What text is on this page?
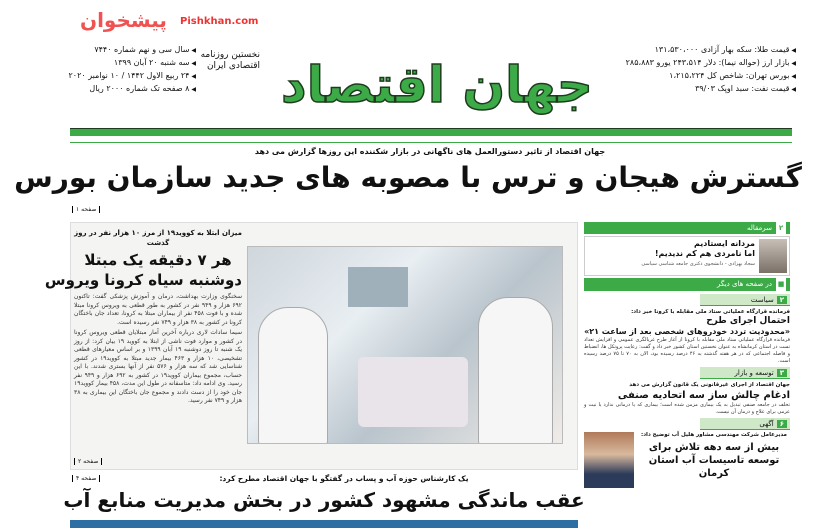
◀ قیمت طلا: سکه بهار آزادی ۱۳۱،۵۳۰،۰۰۰
◀ بازار ارز (حواله نیما): دلار ۲۴۳،۵۱۴ یورو ۲۸۵،۸۸۳
◀ بورس تهران: شاخص کل ۱،۲۱۵،۲۲۴
◀ قیمت نفت: سبد اوپک ۳۹/۰۳
◀ سال سی و نهم شماره ۷۴۴۰
◀ سه شنبه ۲۰ آبان ۱۳۹۹
◀ ۲۴ ربیع الاول ۱۴۴۲ / ۱۰ نوامبر ۲۰۲۰
◀ ۸ صفحه تک شماره ۲۰۰۰ ریال
پیشخوان Pishkhan.com
جهان اقتصاد
نخستین روزنامه اقتصادی ایران
جهان اقتصاد از تاثیر دستورالعمل های ناگهانی در بازار شکننده این روزها گزارش می دهد
گسترش هیجان و ترس با مصوبه های جدید سازمان بورس
صفحه ۱
میزان ابتلا به کووید۱۹ از مرز ۱۰ هزار نفر در روز گذشت
هر ۷ دقیقه یک مبتلا
دوشنبه سیاه کرونا ویروس

سخنگوی وزارت بهداشت، درمان و آموزش پزشکی گفت: تاکنون ۶۹۲ هزار و ۹۴۹ نفر در کشور به طور قطعی به ویروس کرونا مبتلا شده و با فوت ۴۵۸ نفر از بیماران مبتلا به کرونا، تعداد جان باختگان کرونا در کشور به ۳۸ هزار و ۷۴۹ نفر رسیده است.

سیما سادات لاری درباره آخرین آمار مبتلایان قطعی ویروس کرونا در کشور و موارد فوت ناشی از ابتلا به کووید ۱۹ بیان کرد: از روز یک شنبه تا روز دوشنبه ۱۹ آبان ۱۳۹۹ و بر اساس معیارهای قطعی تشخیصی، ۱۰ هزار و ۴۶۳ بیمار جدید مبتلا به کووید۱۹ در کشور شناسایی شد که سه هزار و ۵۷۶ نفر از آنها بستری شدند. با این حساب، مجموع بیماران کووید۱۹ در کشور به ۶۹۲ هزار و ۹۴۹ نفر رسید. وی ادامه داد: متاسفانه در طول این مدت، ۴۵۸ بیمار کووید۱۹ جان خود را از دست دادند و مجموع جان باختگان این بیماری به ۳۸ هزار و ۷۴۹ نفر رسید.

صفحه ۲
۲
سرمقاله
مردانه ایستادیم
اما نامردی هم کم ندیدیم!
سجاد بهزادی - دانشجوی دکتری جامعه شناسی سیاسی
■
در صفحه های دیگر
۲سیاست
فرمانده قرارگاه عملیاتی ستاد ملی مقابله با کرونا خبر داد:
احتمال اجرای طرح
«محدودیت تردد خودروهای شخصی بعد از ساعت ۲۱»

فرمانده قرارگاه عملیاتی ستاد ملی مقابله با کرونا از آغاز طرح غربالگری عمومی و افزایش تعداد تست در استان کرمانشاه به عنوان نخستین استان کشور خبر داد و گفت: رعایت پروتکل ها، انضباط و فاصله اجتماعی که در هر هفته گذشته به ۴۶ درصد رسیده بود، الان به ۷۰ تا ۷۵ درصد رسیده است.

۳توسعه و بازار
جهان اقتصاد از اجرای غیرقانونی یک قانون گزارش می دهد
ادغام چالش ساز سه اتحادیه صنفی

تخلف در جامعه صنفی تبدیل به یک بیماری مزمن شده است؛ بیماری که یا درمانی ندارد یا نیت و عزمی برای علاج و درمان آن نیست.

۶آگهی
مدیرعامل شرکت مهندسی مشاور هلیل آب توضیح داد:
بیش از سه دهه تلاش برای توسعه تاسیسات آب استان کرمان
یک کارشناس حوزه آب و پساب در گفتگو با جهان اقتصاد مطرح کرد:
عقب ماندگی مشهود کشور در بخش مدیریت منابع آب
صفحه ۴
